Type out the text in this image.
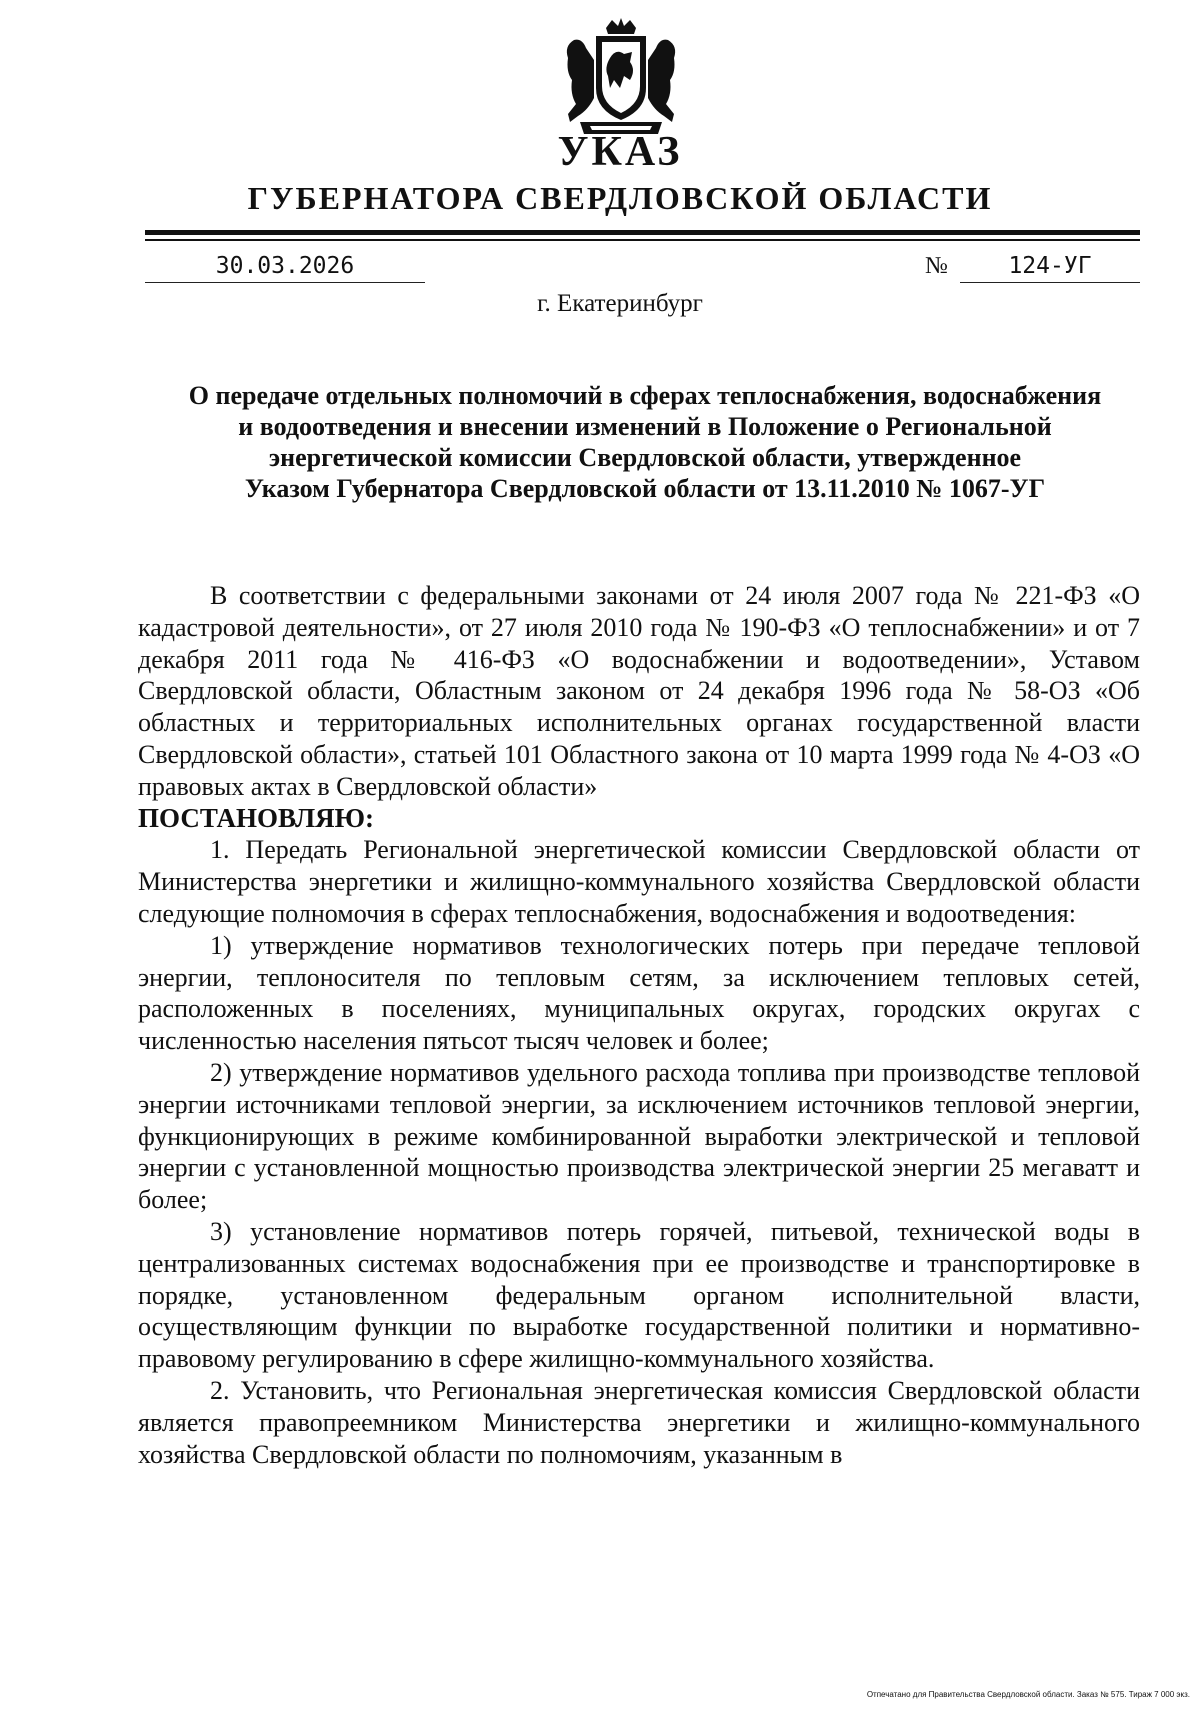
УКАЗ
ГУБЕРНАТОРА СВЕРДЛОВСКОЙ ОБЛАСТИ
30.03.2026	№	124-УГ
г. Екатеринбург
О передаче отдельных полномочий в сферах теплоснабжения, водоснабжения
и водоотведения и внесении изменений в Положение о Региональной
энергетической комиссии Свердловской области, утвержденное
Указом Губернатора Свердловской области от 13.11.2010 № 1067-УГ

В соответствии с федеральными законами от 24 июля 2007 года № 221-ФЗ «О кадастровой деятельности», от 27 июля 2010 года № 190-ФЗ «О теплоснабжении» и от 7 декабря 2011 года № 416-ФЗ «О водоснабжении и водоотведении», Уставом Свердловской области, Областным законом от 24 декабря 1996 года № 58-ОЗ «Об областных и территориальных исполнительных органах государственной власти Свердловской области», статьей 101 Областного закона от 10 марта 1999 года № 4-ОЗ «О правовых актах в Свердловской области»

ПОСТАНОВЛЯЮ:

1. Передать Региональной энергетической комиссии Свердловской области от Министерства энергетики и жилищно-коммунального хозяйства Свердловской области следующие полномочия в сферах теплоснабжения, водоснабжения и водоотведения:

1) утверждение нормативов технологических потерь при передаче тепловой энергии, теплоносителя по тепловым сетям, за исключением тепловых сетей, расположенных в поселениях, муниципальных округах, городских округах с численностью населения пятьсот тысяч человек и более;

2) утверждение нормативов удельного расхода топлива при производстве тепловой энергии источниками тепловой энергии, за исключением источников тепловой энергии, функционирующих в режиме комбинированной выработки электрической и тепловой энергии с установленной мощностью производства электрической энергии 25 мегаватт и более;

3) установление нормативов потерь горячей, питьевой, технической воды в централизованных системах водоснабжения при ее производстве и транспортировке в порядке, установленном федеральным органом исполнительной власти, осуществляющим функции по выработке государственной политики и нормативно-правовому регулированию в сфере жилищно-коммунального хозяйства.

2. Установить, что Региональная энергетическая комиссия Свердловской области является правопреемником Министерства энергетики и жилищно-коммунального хозяйства Свердловской области по полномочиям, указанным в

Отпечатано для Правительства Свердловской области. Заказ № 575. Тираж 7 000 экз.
